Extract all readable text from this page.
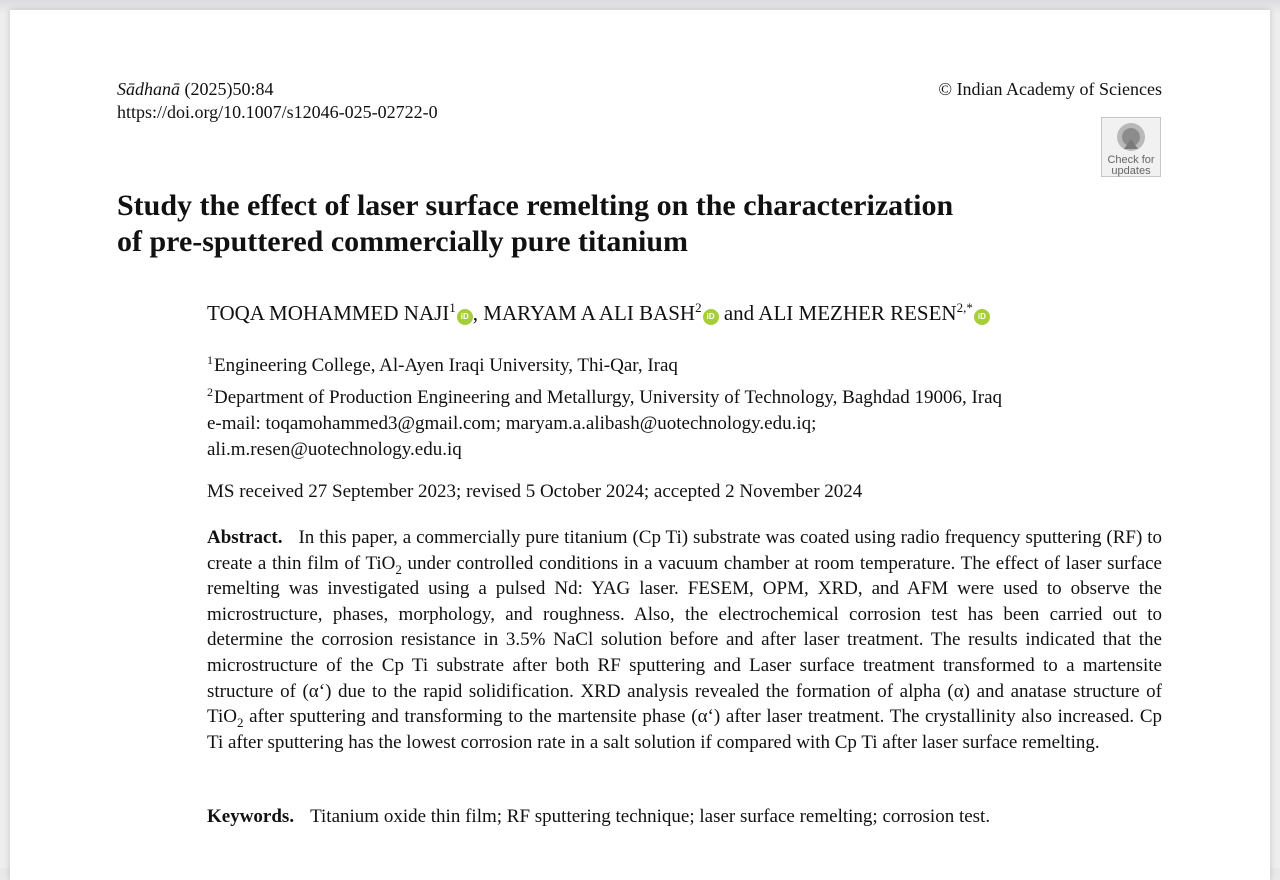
Sādhanā (2025)50:84
https://doi.org/10.1007/s12046-025-02722-0
© Indian Academy of Sciences
Check for
updates
Study the effect of laser surface remelting on the characterization
of pre-sputtered commercially pure titanium
TOQA MOHAMMED NAJI$^1$iD , MARYAM A ALI BASH$^2$iD and ALI MEZHER $RESEN^{2,*}iD$
$^1$Engineering College, Al-Ayen Iraqi University, Thi-Qar, Iraq
$^2$Department of Production Engineering and Metallurgy, University of Technology, Baghdad 19006, Iraq
e-mail: toqamohammed3@gmail.com; maryam.a.alibash@uotechnology.edu.iq;
ali.m.resen@uotechnology.edu.iq
MS received 27 September 2023; revised 5 October 2024; accepted 2 November 2024

Abstract. In this paper, a commercially pure titanium (Cp Ti) substrate was coated using radio frequency sputtering (RF) to create a thin film of TiO$_2$ under controlled conditions in a vacuum chamber at room temperature. The effect of laser surface remelting was investigated using a pulsed Nd: YAG laser. FESEM, OPM, XRD, and AFM were used to observe the microstructure, phases, morphology, and roughness. Also, the electrochemical corrosion test has been carried out to determine the corrosion resistance in 3.5% NaCl solution before and after laser treatment. The results indicated that the microstructure of the Cp Ti substrate after both RF sputtering and Laser surface treatment transformed to a martensite structure of (α‘) due to the rapid solidification. XRD analysis revealed the formation of alpha (α) and anatase structure of TiO$_2$ after sputtering and transforming to the martensite phase (α‘) after laser treatment. The crystallinity also increased. Cp Ti after sputtering has the lowest corrosion rate in a salt solution if compared with Cp Ti after laser surface remelting.

Keywords. Titanium oxide thin film; RF sputtering technique; laser surface remelting; corrosion test.
